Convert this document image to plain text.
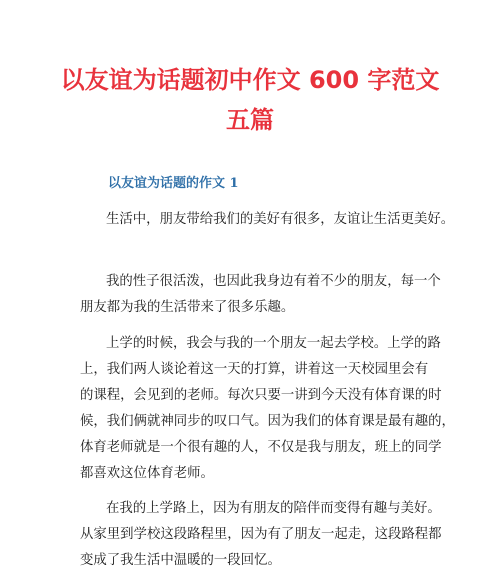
以友谊为话题初中作文 600 字范文
五篇
以友谊为话题的作文 1

生活中，朋友带给我们的美好有很多，友谊让生活更美好。

我的性子很活泼，也因此我身边有着不少的朋友，每一个
朋友都为我的生活带来了很多乐趣。

上学的时候，我会与我的一个朋友一起去学校。上学的路
上，我们两人谈论着这一天的打算，讲着这一天校园里会有
的课程，会见到的老师。每次只要一讲到今天没有体育课的时
候，我们俩就神同步的叹口气。因为我们的体育课是最有趣的，
体育老师就是一个很有趣的人，不仅是我与朋友，班上的同学
都喜欢这位体育老师。

在我的上学路上，因为有朋友的陪伴而变得有趣与美好。
从家里到学校这段路程里，因为有了朋友一起走，这段路程都
变成了我生活中温暖的一段回忆。
